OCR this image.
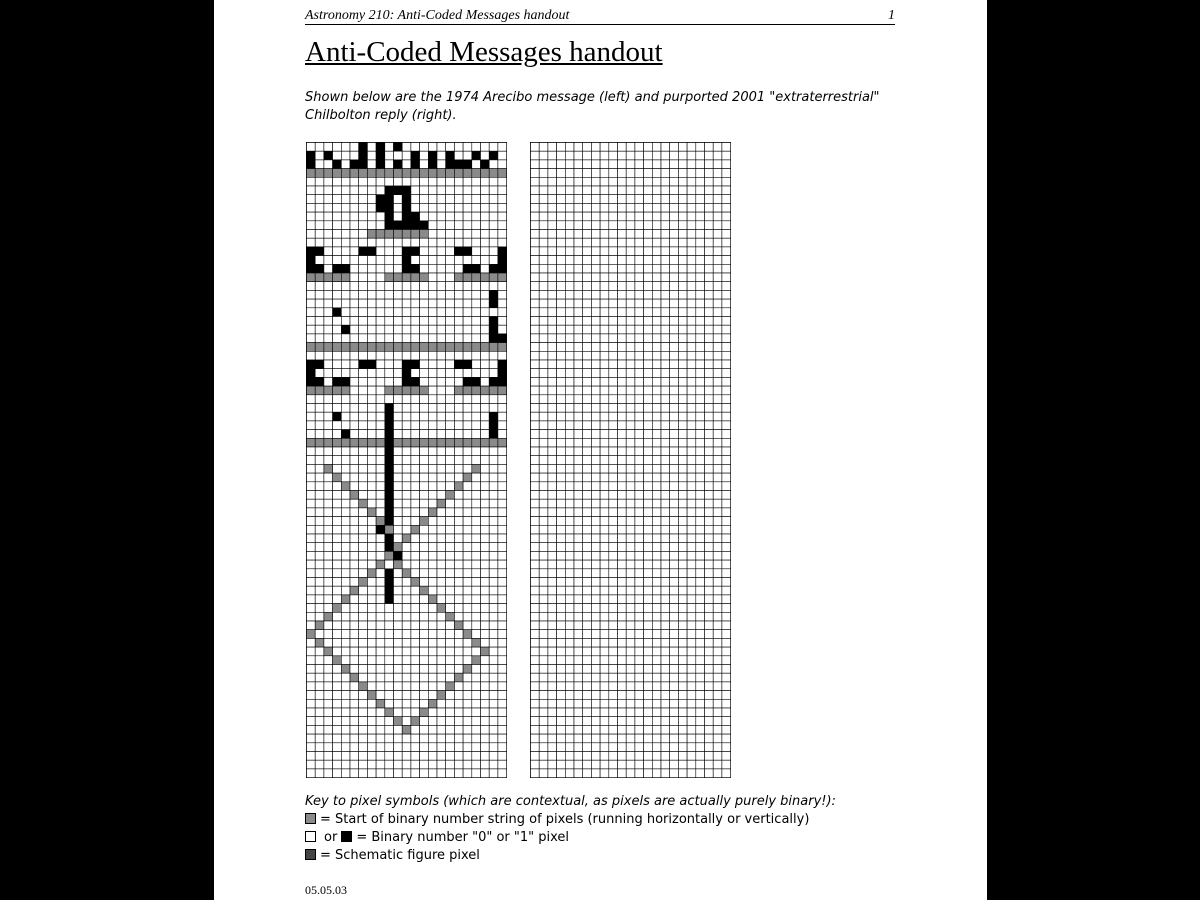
Astronomy 210: Anti-Coded Messages handout	1
Anti-Coded Messages handout
Shown below are the 1974 Arecibo message (left) and purported 2001 "extraterrestrial" Chilbolton reply (right).
Key to pixel symbols (which are contextual, as pixels are actually purely binary!):
= Start of binary number string of pixels (running horizontally or vertically)
or = Binary number "0" or "1" pixel
= Schematic figure pixel
05.05.03
